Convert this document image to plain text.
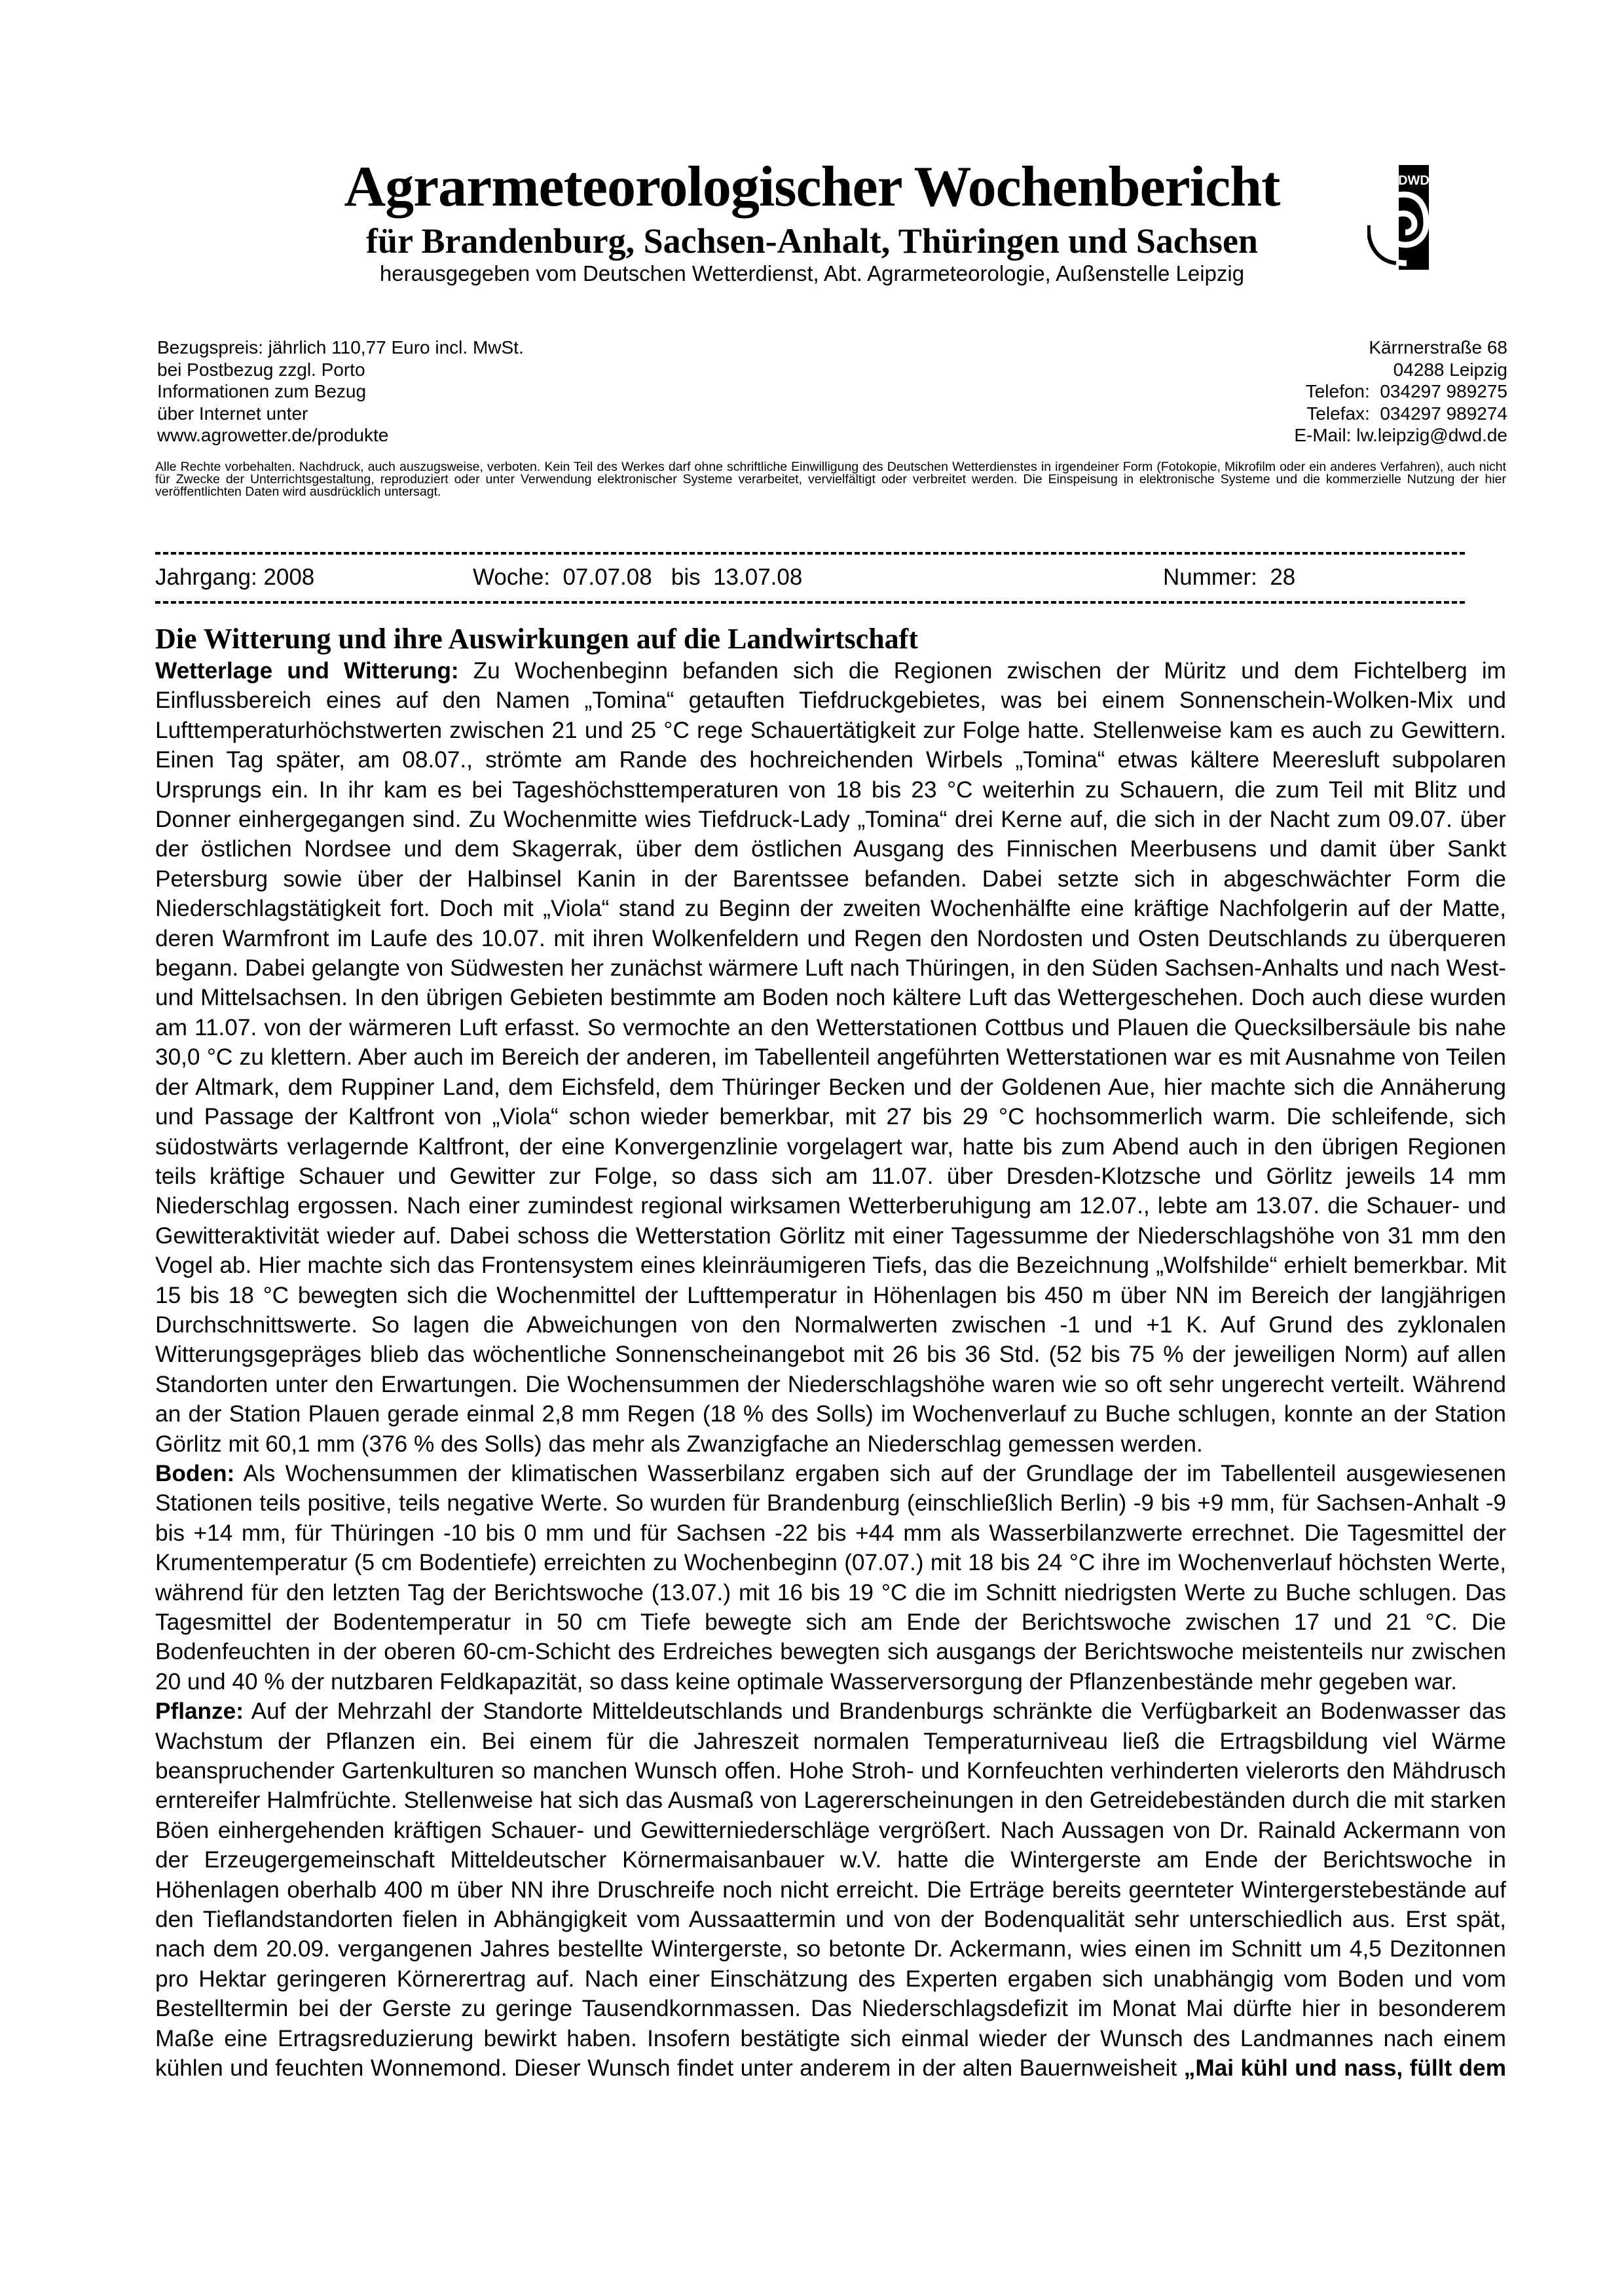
Agrarmeteorologischer Wochenbericht
für Brandenburg, Sachsen-Anhalt, Thüringen und Sachsen
herausgegeben vom Deutschen Wetterdienst, Abt. Agrarmeteorologie, Außenstelle Leipzig
DWD
Bezugspreis: jährlich 110,77 Euro incl. MwSt.
bei Postbezug zzgl. Porto
Informationen zum Bezug
über Internet unter
www.agrowetter.de/produkte
Kärrnerstraße 68
04288 Leipzig
Telefon:  034297 989275
Telefax:  034297 989274
E-Mail: lw.leipzig@dwd.de
Alle Rechte vorbehalten. Nachdruck, auch auszugsweise, verboten. Kein Teil des Werkes darf ohne schriftliche Einwilligung des Deutschen Wetterdienstes in irgendeiner Form (Fotokopie, Mikrofilm oder ein anderes Verfahren), auch nicht für Zwecke der Unterrichtsgestaltung, reproduziert oder unter Verwendung elektronischer Systeme verarbeitet, vervielfältigt oder verbreitet werden. Die Einspeisung in elektronische Systeme und die kommerzielle Nutzung der hier veröffentlichten Daten wird ausdrücklich untersagt.
Jahrgang: 2008	Woche:  07.07.08   bis  13.07.08	Nummer:  28
Die Witterung und ihre Auswirkungen auf die Landwirtschaft

Wetterlage und Witterung: Zu Wochenbeginn befanden sich die Regionen zwischen der Müritz und dem Fichtelberg im Einflussbereich eines auf den Namen „Tomina“ getauften Tiefdruckgebietes, was bei einem Sonnenschein-Wolken-Mix und Lufttemperaturhöchstwerten zwischen 21 und 25 °C rege Schauertätigkeit zur Folge hatte. Stellenweise kam es auch zu Gewittern. Einen Tag später, am 08.07., strömte am Rande des hochreichenden Wirbels „Tomina“ etwas kältere Meeresluft subpolaren Ursprungs ein. In ihr kam es bei Tageshöchsttemperaturen von 18 bis 23 °C weiterhin zu Schauern, die zum Teil mit Blitz und Donner einhergegangen sind. Zu Wochenmitte wies Tiefdruck-Lady „Tomina“ drei Kerne auf, die sich in der Nacht zum 09.07. über der östlichen Nordsee und dem Skagerrak, über dem östlichen Ausgang des Finnischen Meerbusens und damit über Sankt Petersburg sowie über der Halbinsel Kanin in der Barentssee befanden. Dabei setzte sich in abgeschwächter Form die Niederschlagstätigkeit fort. Doch mit „Viola“ stand zu Beginn der zweiten Wochenhälfte eine kräftige Nachfolgerin auf der Matte, deren Warmfront im Laufe des 10.07. mit ihren Wolkenfeldern und Regen den Nordosten und Osten Deutschlands zu überqueren begann. Dabei gelangte von Südwesten her zunächst wärmere Luft nach Thüringen, in den Süden Sachsen-Anhalts und nach West- und Mittelsachsen. In den übrigen Gebieten bestimmte am Boden noch kältere Luft das Wettergeschehen. Doch auch diese wurden am 11.07. von der wärmeren Luft erfasst. So vermochte an den Wetterstationen Cottbus und Plauen die Quecksilbersäule bis nahe 30,0 °C zu klettern. Aber auch im Bereich der anderen, im Tabellenteil angeführten Wetterstationen war es mit Ausnahme von Teilen der Altmark, dem Ruppiner Land, dem Eichsfeld, dem Thüringer Becken und der Goldenen Aue, hier machte sich die Annäherung und Passage der Kaltfront von „Viola“ schon wieder bemerkbar, mit 27 bis 29 °C hochsommerlich warm. Die schleifende, sich südostwärts verlagernde Kaltfront, der eine Konvergenzlinie vorgelagert war, hatte bis zum Abend auch in den übrigen Regionen teils kräftige Schauer und Gewitter zur Folge, so dass sich am 11.07. über Dresden-Klotzsche und Görlitz jeweils 14 mm Niederschlag ergossen. Nach einer zumindest regional wirksamen Wetterberuhigung am 12.07., lebte am 13.07. die Schauer- und Gewitteraktivität wieder auf. Dabei schoss die Wetterstation Görlitz mit einer Tagessumme der Niederschlagshöhe von 31 mm den Vogel ab. Hier machte sich das Frontensystem eines kleinräumigeren Tiefs, das die Bezeichnung „Wolfshilde“ erhielt bemerkbar. Mit 15 bis 18 °C bewegten sich die Wochenmittel der Lufttemperatur in Höhenlagen bis 450 m über NN im Bereich der langjährigen Durchschnittswerte. So lagen die Abweichungen von den Normalwerten zwischen -1 und +1 K. Auf Grund des zyklonalen Witterungsgepräges blieb das wöchentliche Sonnenscheinangebot mit 26 bis 36 Std. (52 bis 75 % der jeweiligen Norm) auf allen Standorten unter den Erwartungen. Die Wochensummen der Niederschlagshöhe waren wie so oft sehr ungerecht verteilt. Während an der Station Plauen gerade einmal 2,8 mm Regen (18 % des Solls) im Wochenverlauf zu Buche schlugen, konnte an der Station Görlitz mit 60,1 mm (376 % des Solls) das mehr als Zwanzigfache an Niederschlag gemessen werden.

Boden: Als Wochensummen der klimatischen Wasserbilanz ergaben sich auf der Grundlage der im Tabellenteil ausgewiesenen Stationen teils positive, teils negative Werte. So wurden für Brandenburg (einschließlich Berlin) -9 bis +9 mm, für Sachsen-Anhalt -9 bis +14 mm, für Thüringen -10 bis 0 mm und für Sachsen -22 bis +44 mm als Wasserbilanzwerte errechnet. Die Tagesmittel der Krumentemperatur (5 cm Bodentiefe) erreichten zu Wochenbeginn (07.07.) mit 18 bis 24 °C ihre im Wochenverlauf höchsten Werte, während für den letzten Tag der Berichtswoche (13.07.) mit 16 bis 19 °C die im Schnitt niedrigsten Werte zu Buche schlugen. Das Tagesmittel der Bodentemperatur in 50 cm Tiefe bewegte sich am Ende der Berichtswoche zwischen 17 und 21 °C. Die Bodenfeuchten in der oberen 60-cm-Schicht des Erdreiches bewegten sich ausgangs der Berichtswoche meistenteils nur zwischen 20 und 40 % der nutzbaren Feldkapazität, so dass keine optimale Wasserversorgung der Pflanzenbestände mehr gegeben war.

Pflanze: Auf der Mehrzahl der Standorte Mitteldeutschlands und Brandenburgs schränkte die Verfügbarkeit an Bodenwasser das Wachstum der Pflanzen ein. Bei einem für die Jahreszeit normalen Temperaturniveau ließ die Ertragsbildung viel Wärme beanspruchender Gartenkulturen so manchen Wunsch offen. Hohe Stroh- und Kornfeuchten verhinderten vielerorts den Mähdrusch erntereifer Halmfrüchte. Stellenweise hat sich das Ausmaß von Lagererscheinungen in den Getreidebeständen durch die mit starken Böen einhergehenden kräftigen Schauer- und Gewitterniederschläge vergrößert. Nach Aussagen von Dr. Rainald Ackermann von der Erzeugergemeinschaft Mitteldeutscher Körnermaisanbauer w.V. hatte die Wintergerste am Ende der Berichtswoche in Höhenlagen oberhalb 400 m über NN ihre Druschreife noch nicht erreicht. Die Erträge bereits geernteter Wintergerstebestände auf den Tieflandstandorten fielen in Abhängigkeit vom Aussaattermin und von der Bodenqualität sehr unterschiedlich aus. Erst spät, nach dem 20.09. vergangenen Jahres bestellte Wintergerste, so betonte Dr. Ackermann, wies einen im Schnitt um 4,5 Dezitonnen pro Hektar geringeren Körnerertrag auf. Nach einer Einschätzung des Experten ergaben sich unabhängig vom Boden und vom Bestelltermin bei der Gerste zu geringe Tausendkornmassen. Das Niederschlagsdefizit im Monat Mai dürfte hier in besonderem Maße eine Ertragsreduzierung bewirkt haben. Insofern bestätigte sich einmal wieder der Wunsch des Landmannes nach einem kühlen und feuchten Wonnemond. Dieser Wunsch findet unter anderem in der alten Bauernweisheit „Mai kühl und nass, füllt dem
